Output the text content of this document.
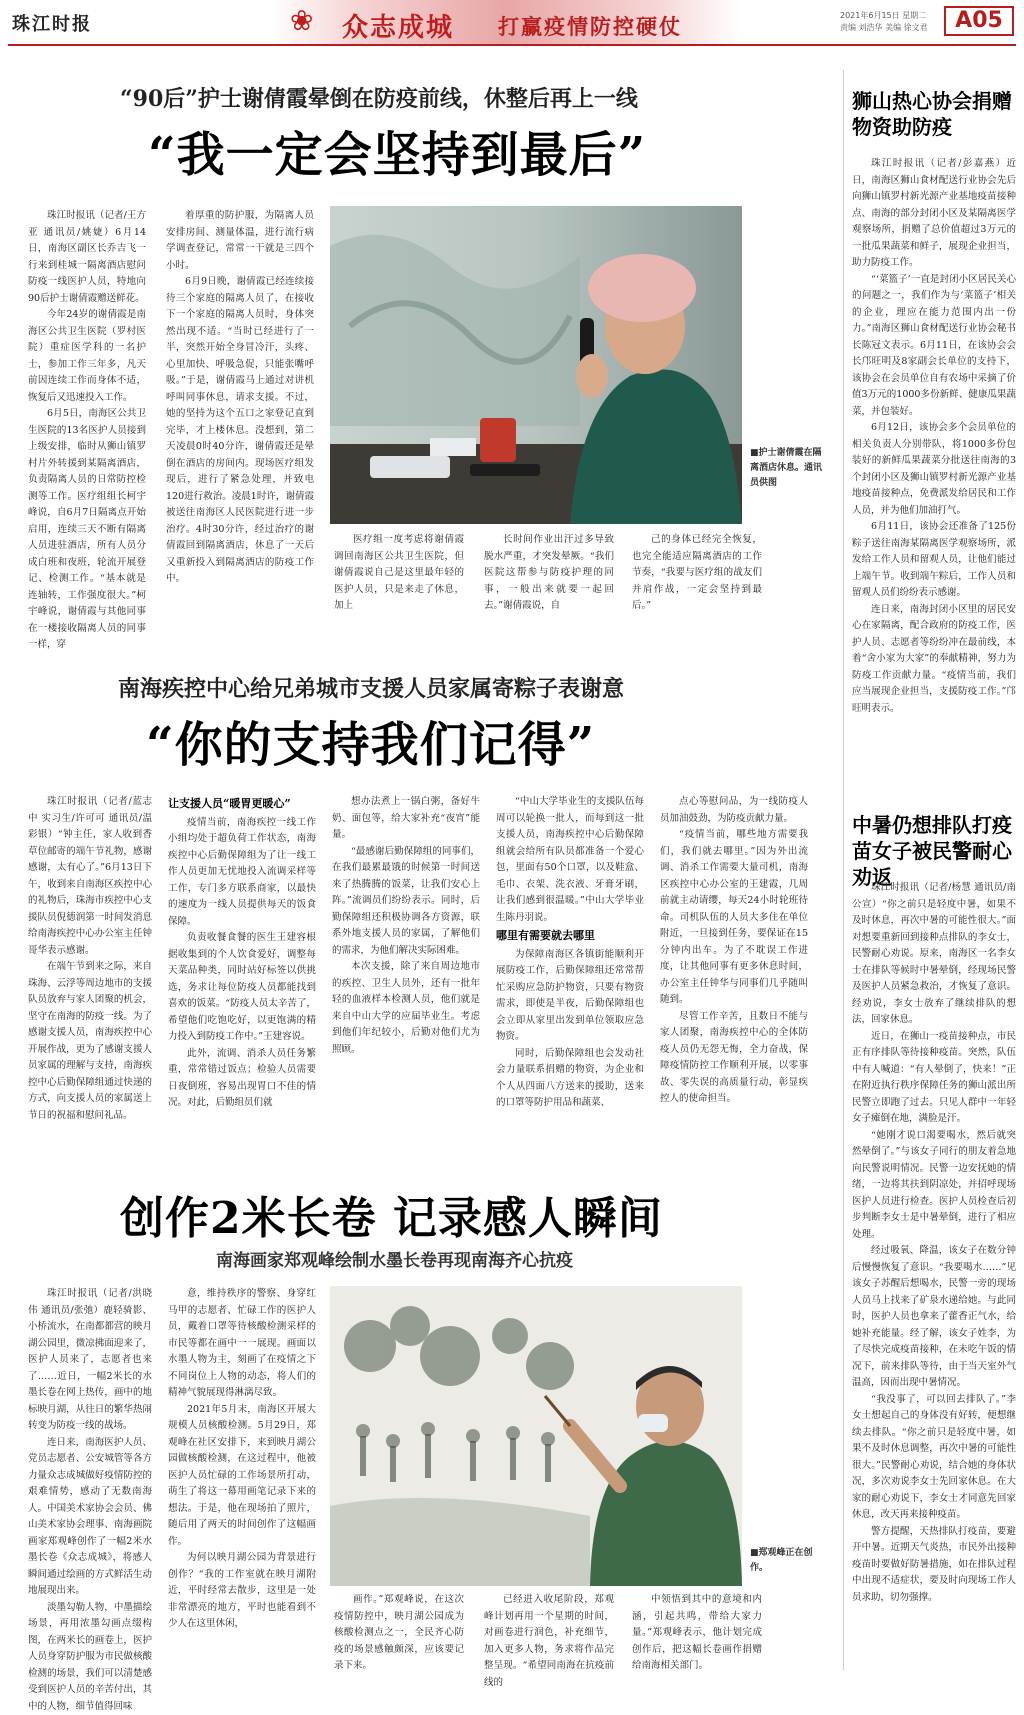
珠江时报	❀ 众志成城 打赢疫情防控硬仗	2021年6月15日 星期二
责编 刘浩华 美编 徐文君	A05
“90后”护士谢倩霞晕倒在防疫前线，休整后再上一线
“我一定会坚持到最后”

珠江时报讯（记者/王方亚 通讯员/姚婕）6月14日，南海区副区长乔吉飞一行来到桂城一隔离酒店慰问防疫一线医护人员，特地向90后护士谢倩霞赠送鲜花。

今年24岁的谢倩霞是南海区公共卫生医院（罗村医院）重症医学科的一名护士，参加工作三年多，凡天前因连续工作而身体不适，恢复后又迅速投入工作。

6月5日，南海区公共卫生医院的13名医护人员接到上级安排，临时从狮山镇罗村片外转援到某隔离酒店，负责隔离人员的日常防控检测等工作。医疗组组长柯宇峰说，自6月7日隔离点开始启用，连续三天不断有隔离人员进驻酒店，所有人员分成白班和夜班，轮流开展登记、检测工作。“基本就是连轴转，工作强度很大。”柯宇峰说，谢倩霞与其他同事在一楼接收隔离人员的同事一样，穿

着厚重的防护服，为隔离人员安排房间、测量体温，进行流行病学调查登记，常常一干就是三四个小时。

6月9日晚，谢倩霞已经连续接待三个家庭的隔离人员了，在接收下一个家庭的隔离人员时，身体突然出现不适。“当时已经进行了一半，突然开始全身冒冷汗，头疼、心里加快、呼吸急促，只能张嘴呼吸。”于是，谢倩霞马上通过对讲机呼叫同事休息，请求支援。不过，她的坚持为这个五口之家登记直到完毕，才上楼休息。没想到，第二天凌晨0时40分许，谢倩霞还是晕倒在酒店的房间内。现场医疗组发现后，进行了紧急处理，并致电120进行救治。凌晨1时许，谢倩霞被送往南海区人民医院进行进一步治疗。4时30分许，经过治疗的谢倩霞回到隔离酒店，休息了一天后又重新投入到隔离酒店的防疫工作中。

■护士谢倩霞在隔离酒店休息。通讯员供图

医疗组一度考虑将谢倩霞调回南海区公共卫生医院，但谢倩霞说自己是这里最年轻的医护人员，只是来走了休息，加上

长时间作业出汗过多导致脱水严重，才突发晕厥。“我们医院这帮参与防疫护理的同事，一般出来就要一起回去。”谢倩霞说，自

己的身体已经完全恢复，也完全能适应隔离酒店的工作节奏，“我要与医疗组的战友们并肩作战，一定会坚持到最后。”

南海疾控中心给兄弟城市支援人员家属寄粽子表谢意
“你的支持我们记得”

珠江时报讯（记者/蓝志中 实习生/许可可 通讯员/温彩银）“钟主任，家人收到香草位邮寄的端午节礼物，感谢感谢，太有心了。”6月13日下午，收到来自南海区疾控中心的礼物后，珠海市疾控中心支援队员倪德润第一时间发消息给南海疾控中心办公室主任钟哥华表示感谢。

在端午节到来之际，来自珠海、云浮等周边地市的支援队员放弃与家人团聚的机会，坚守在南海的防疫一线。为了感谢支援人员，南海疾控中心开展作战，更为了感谢支援人员家属的理解与支持，南海疾控中心后勤保障组通过快递的方式，向支援人员的家属送上节日的祝福和慰问礼品。

让支援人员“暖胃更暖心”

疫情当前，南海疾控一线工作小组均处于超负荷工作状态，南海疾控中心后勤保障组为了让一线工作人员更加无忧地投入流调采样等工作，专门多方联系商家，以最快的速度为一线人员提供每天的饭食保障。

负责收餐食餐的医生王建容根据收集到的个人饮食爱好，调整每天菜品种类，同时站好标签以供挑选，务求让每位防疫人员都能找到喜欢的饭菜。“防疫人员太辛苦了，希望他们吃饱吃好，以更饱满的精力投入到防疫工作中。”王建容说。

此外，流调、消杀人员任务繁重，常常错过饭点；检验人员需要日夜倒班，容易出现胃口不佳的情况。对此，后勤组员们就

想办法煮上一锅白粥，备好牛奶、面包等，给大家补充“夜宵”能量。

“最感谢后勤保障组的同事们，在我们最累最饿的时候第一时间送来了热腾腾的饭菜，让我们安心上阵。”流调员们纷纷表示。同时，后勤保障组还积极协调各方资源，联系外地支援人员的家属，了解他们的需求，为他们解决实际困难。

本次支援，除了来自周边地市的疾控、卫生人员外，还有一批年轻的血液样本检测人员，他们就是来自中山大学的应届毕业生。考虑到他们年纪较小，后勤对他们尤为照顾。

“中山大学毕业生的支援队伍每周可以轮换一批人，而每到这一批支援人员，南海疾控中心后勤保障组就会给所有队员都准备一个爱心包，里面有50个口罩，以及鞋盒、毛巾、衣架、洗衣液、牙膏牙刷，让我们感到很温暖。”中山大学毕业生陈丹羽说。

哪里有需要就去哪里

为保障南海区各镇街能顺利开展防疫工作，后勤保障组还常常帮忙采购应急防护物资，只要有物资需求，即使是半夜，后勤保障组也会立即从家里出发到单位领取应急物资。

同时，后勤保障组也会发动社会力量联系捐赠的物资，为企业和个人从四面八方送来的援助，送来的口罩等防护用品和蔬菜、

点心等慰问品，为一线防疫人员加油鼓劲，为防疫贡献力量。

“疫情当前，哪些地方需要我们，我们就去哪里。”因为外出流调、消杀工作需要大量司机，南海区疾控中心办公室的王建霞，几周前就主动请缨，每天24小时轮班待命。司机队伍的人员大多住在单位附近，一旦接到任务，要保证在15分钟内出车。为了不耽误工作进度，让其他同事有更多休息时间，办公室主任钟华与同事们几乎随叫随到。

尽管工作辛苦，且数日不能与家人团聚，南海疾控中心的全体防疫人员仍无怨无悔，全力奋战，保障疫情防控工作顺利开展，以零事故、零失误的高质量行动，彰显疾控人的使命担当。

创作2米长卷 记录感人瞬间
南海画家郑观峰绘制水墨长卷再现南海齐心抗疫

珠江时报讯（记者/洪晓伟 通讯员/张弛）鹿轻骑影、小桥流水，在南都都营的映月湖公园里，微凉拂面迎来了，医护人员来了，志愿者也来了……近日，一幅2米长的水墨长卷在网上热传，画中的地标映月湖，从往日的繁华热闹转变为防疫一线的战场。

连日来，南海医护人员、党员志愿者、公安城管等各方力量众志成城做好疫情防控的艰难情势，感动了无数南海人。中国美术家协会会员、佛山美术家协会理事、南海画院画家郑观峰创作了一幅2米水墨长卷《众志成城》，将感人瞬间通过绘画的方式鲜活生动地展现出来。

淡墨勾勒人物，中墨描绘场景，再用浓墨勾画点缀构图，在两米长的画卷上，医护人员身穿防护服为市民做核酸检测的场景，我们可以清楚感受到医护人员的辛苦付出，其中的人物，细节值得回味

意，维持秩序的警察、身穿红马甲的志愿者、忙碌工作的医护人员，戴着口罩等待核酸检测采样的市民等都在画中一一展现。画面以水墨人物为主，刻画了在疫情之下不同岗位上人物的动态，将人们的精神气貌展现得淋漓尽致。

2021年5月末，南海区开展大规模人员核酸检测。5月29日，郑观峰在社区安排下，来到映月湖公园做核酸检测，在这过程中，他被医护人员忙碌的工作场景所打动，萌生了将这一幕用画笔记录下来的想法。于是，他在现场拍了照片，随后用了两天的时间创作了这幅画作。

为何以映月湖公园为背景进行创作？“我的工作室就在映月湖附近，平时经常去散步，这里是一处非常漂亮的地方，平时也能看到不少人在这里休闲，

■郑观峰正在创作。

画作。”郑观峰说，在这次疫情防控中，映月湖公园成为核酸检测点之一，全民齐心防疫的场景感触颇深，应该要记录下来。

已经进入收尾阶段，郑观峰计划再用一个星期的时间，对画卷进行润色，补充细节，加入更多人物，务求将作品完整呈现。“希望同南海在抗疫前线的

中领悟到其中的意境和内涵，引起共鸣，带给大家力量。”郑观峰表示，他计划完成创作后，把这幅长卷画作捐赠给南海相关部门。

狮山热心协会捐赠物资助防疫

珠江时报讯（记者/彭嘉燕）近日，南海区狮山食材配送行业协会先后向狮山镇罗村新光源产业基地疫苗接种点、南海的部分封闭小区及某隔离医学观察场所，捐赠了总价值超过3万元的一批瓜果蔬菜和鲜子，展现企业担当，助力防疫工作。

“‘菜篮子’一直是封闭小区居民关心的问题之一，我们作为与‘菜篮子’相关的企业，理应在能力范围内出一份力。”南海区狮山食材配送行业协会秘书长陈冠文表示。6月11日，在该协会会长邝旺明及8家副会长单位的支持下，该协会在会员单位自有农场中采摘了价值3万元的1000多份新鲜、健康瓜果蔬菜，并包装好。

6月12日，该协会多个会员单位的相关负责人分别带队，将1000多份包装好的新鲜瓜果蔬菜分批送往南海的3个封闭小区及狮山镇罗村新光源产业基地疫苗接种点，免费派发给居民和工作人员，并为他们加油打气。

6月11日，该协会还准备了125份粽子送往南海某隔离医学观察场所，派发给工作人员和留观人员，让他们能过上端午节。收到端午粽后，工作人员和留观人员们纷纷表示感谢。

连日来，南海封闭小区里的居民安心在家隔离，配合政府的防疫工作，医护人员、志愿者等纷纷冲在最前线，本着“舍小家为大家”的奉献精神，努力为防疫工作贡献力量。“疫情当前，我们应当展现企业担当，支援防疫工作。”邝旺明表示。

中暑仍想排队打疫苗女子被民警耐心劝返

珠江时报讯（记者/杨慧 通讯员/南公宣）“你之前只是轻度中暑，如果不及时休息，再次中暑的可能性很大。”面对想要重新回到接种点排队的李女士，民警耐心劝说。原来，南海区一名李女士在排队等候时中暑晕倒，经现场民警及医护人员紧急救治，才恢复了意识。经劝说，李女士放弃了继续排队的想法，回家休息。

近日，在狮山一疫苗接种点，市民正有序排队等待接种疫苗。突然，队伍中有人喊道：“有人晕倒了，快来！”正在附近执行秩序保障任务的狮山派出所民警立即跑了过去。只见人群中一年轻女子瘫倒在地，满脸是汗。

“她刚才说口渴要喝水，然后就突然晕倒了。”与该女子同行的朋友着急地向民警说明情况。民警一边安抚她的情绪，一边将其扶到阴凉处，并招呼现场医护人员进行检查。医护人员检查后初步判断李女士是中暑晕倒，进行了相应处理。

经过吸氧、降温，该女子在数分钟后慢慢恢复了意识。“我要喝水……”见该女子苏醒后想喝水，民警一旁的现场人员马上找来了矿泉水递给她。与此同时，医护人员也拿来了藿香正气水，给她补充能量。经了解，该女子姓李，为了尽快完成疫苗接种，在未吃午饭的情况下，前来排队等待，由于当天室外气温高，因而出现中暑情况。

“我没事了，可以回去排队了。”李女士想起自己的身体没有好转，便想继续去排队。“你之前只是轻度中暑，如果不及时休息调整，再次中暑的可能性很大。”民警耐心劝说，结合她的身体状况，多次劝说李女士先回家休息。在大家的耐心劝说下，李女士才同意先回家休息，改天再来接种疫苗。

警方提醒，天热排队打疫苗，要避开中暑。近期天气炎热，市民外出接种疫苗时要做好防暑措施，如在排队过程中出现不适症状，要及时向现场工作人员求助，切勿强撑。
